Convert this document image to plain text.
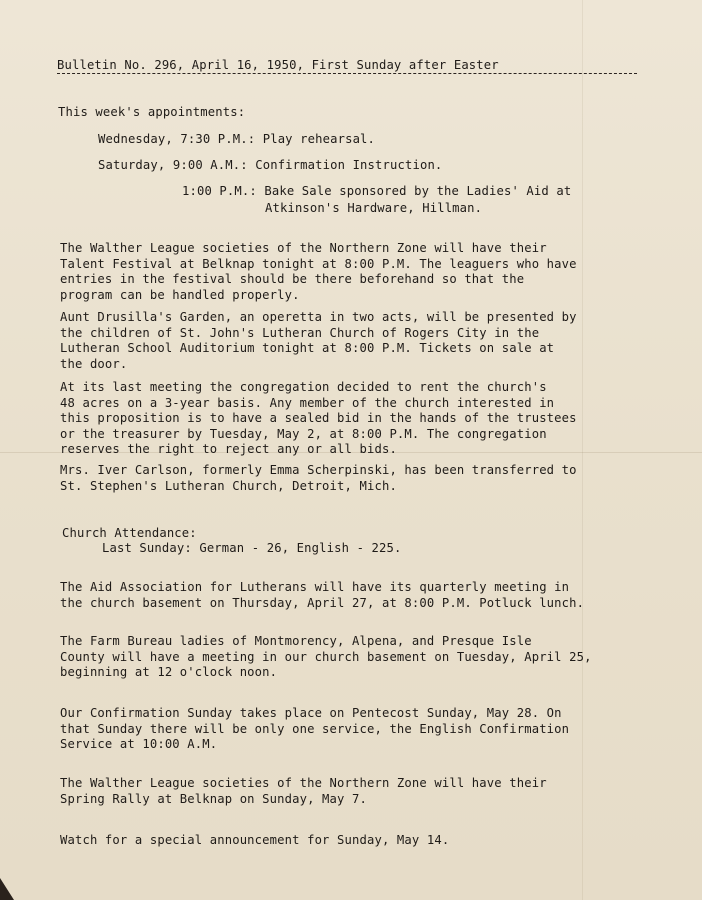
Bulletin No. 296, April 16, 1950, First Sunday after Easter
This week's appointments:
Wednesday, 7:30 P.M.: Play rehearsal.
Saturday, 9:00 A.M.: Confirmation Instruction.
1:00 P.M.: Bake Sale sponsored by the Ladies' Aid at
Atkinson's Hardware, Hillman.
The Walther League societies of the Northern Zone will have their
Talent Festival at Belknap tonight at 8:00 P.M. The leaguers who have
entries in the festival should be there beforehand so that the
program can be handled properly.
Aunt Drusilla's Garden, an operetta in two acts, will be presented by
the children of St. John's Lutheran Church of Rogers City in the
Lutheran School Auditorium tonight at 8:00 P.M. Tickets on sale at
the door.
At its last meeting the congregation decided to rent the church's
48 acres on a 3-year basis. Any member of the church interested in
this proposition is to have a sealed bid in the hands of the trustees
or the treasurer by Tuesday, May 2, at 8:00 P.M. The congregation
reserves the right to reject any or all bids.
Mrs. Iver Carlson, formerly Emma Scherpinski, has been transferred to
St. Stephen's Lutheran Church, Detroit, Mich.
Church Attendance:
Last Sunday: German - 26, English - 225.
The Aid Association for Lutherans will have its quarterly meeting in
the church basement on Thursday, April 27, at 8:00 P.M. Potluck lunch.
The Farm Bureau ladies of Montmorency, Alpena, and Presque Isle
County will have a meeting in our church basement on Tuesday, April 25,
beginning at 12 o'clock noon.
Our Confirmation Sunday takes place on Pentecost Sunday, May 28. On
that Sunday there will be only one service, the English Confirmation
Service at 10:00 A.M.
The Walther League societies of the Northern Zone will have their
Spring Rally at Belknap on Sunday, May 7.
Watch for a special announcement for Sunday, May 14.
